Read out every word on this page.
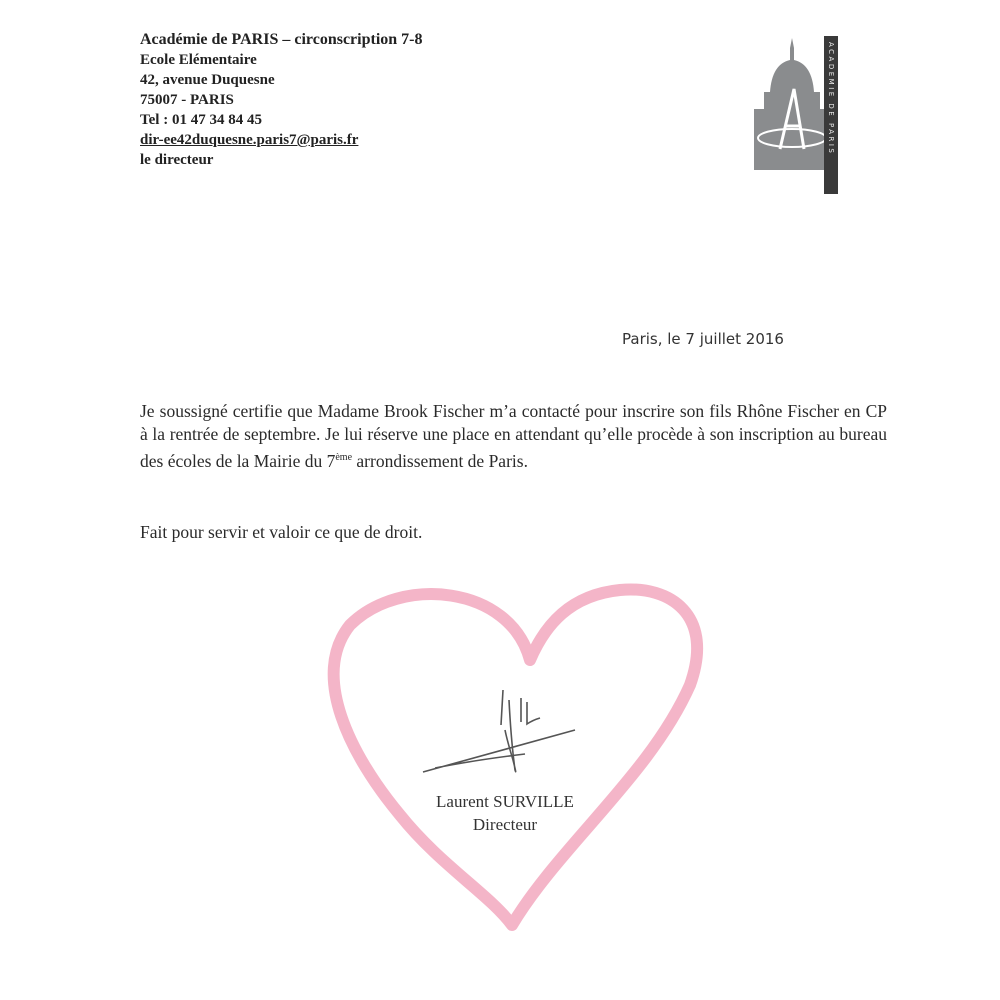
Académie de PARIS – circonscription 7-8
Ecole Elémentaire
42, avenue Duquesne
75007 - PARIS
Tel : 01 47 34 84 45
dir-ee42duquesne.paris7@paris.fr
le directeur
ACADEMIE DE PARIS
Paris, le 7 juillet 2016
Je soussigné certifie que Madame Brook Fischer m’a contacté pour inscrire son fils Rhône Fischer en CP à la rentrée de septembre. Je lui réserve une place en attendant qu’elle procède à son inscription au bureau des écoles de la Mairie du 7ème arrondissement de Paris.
Fait pour servir et valoir ce que de droit.
Laurent SURVILLE
Directeur
